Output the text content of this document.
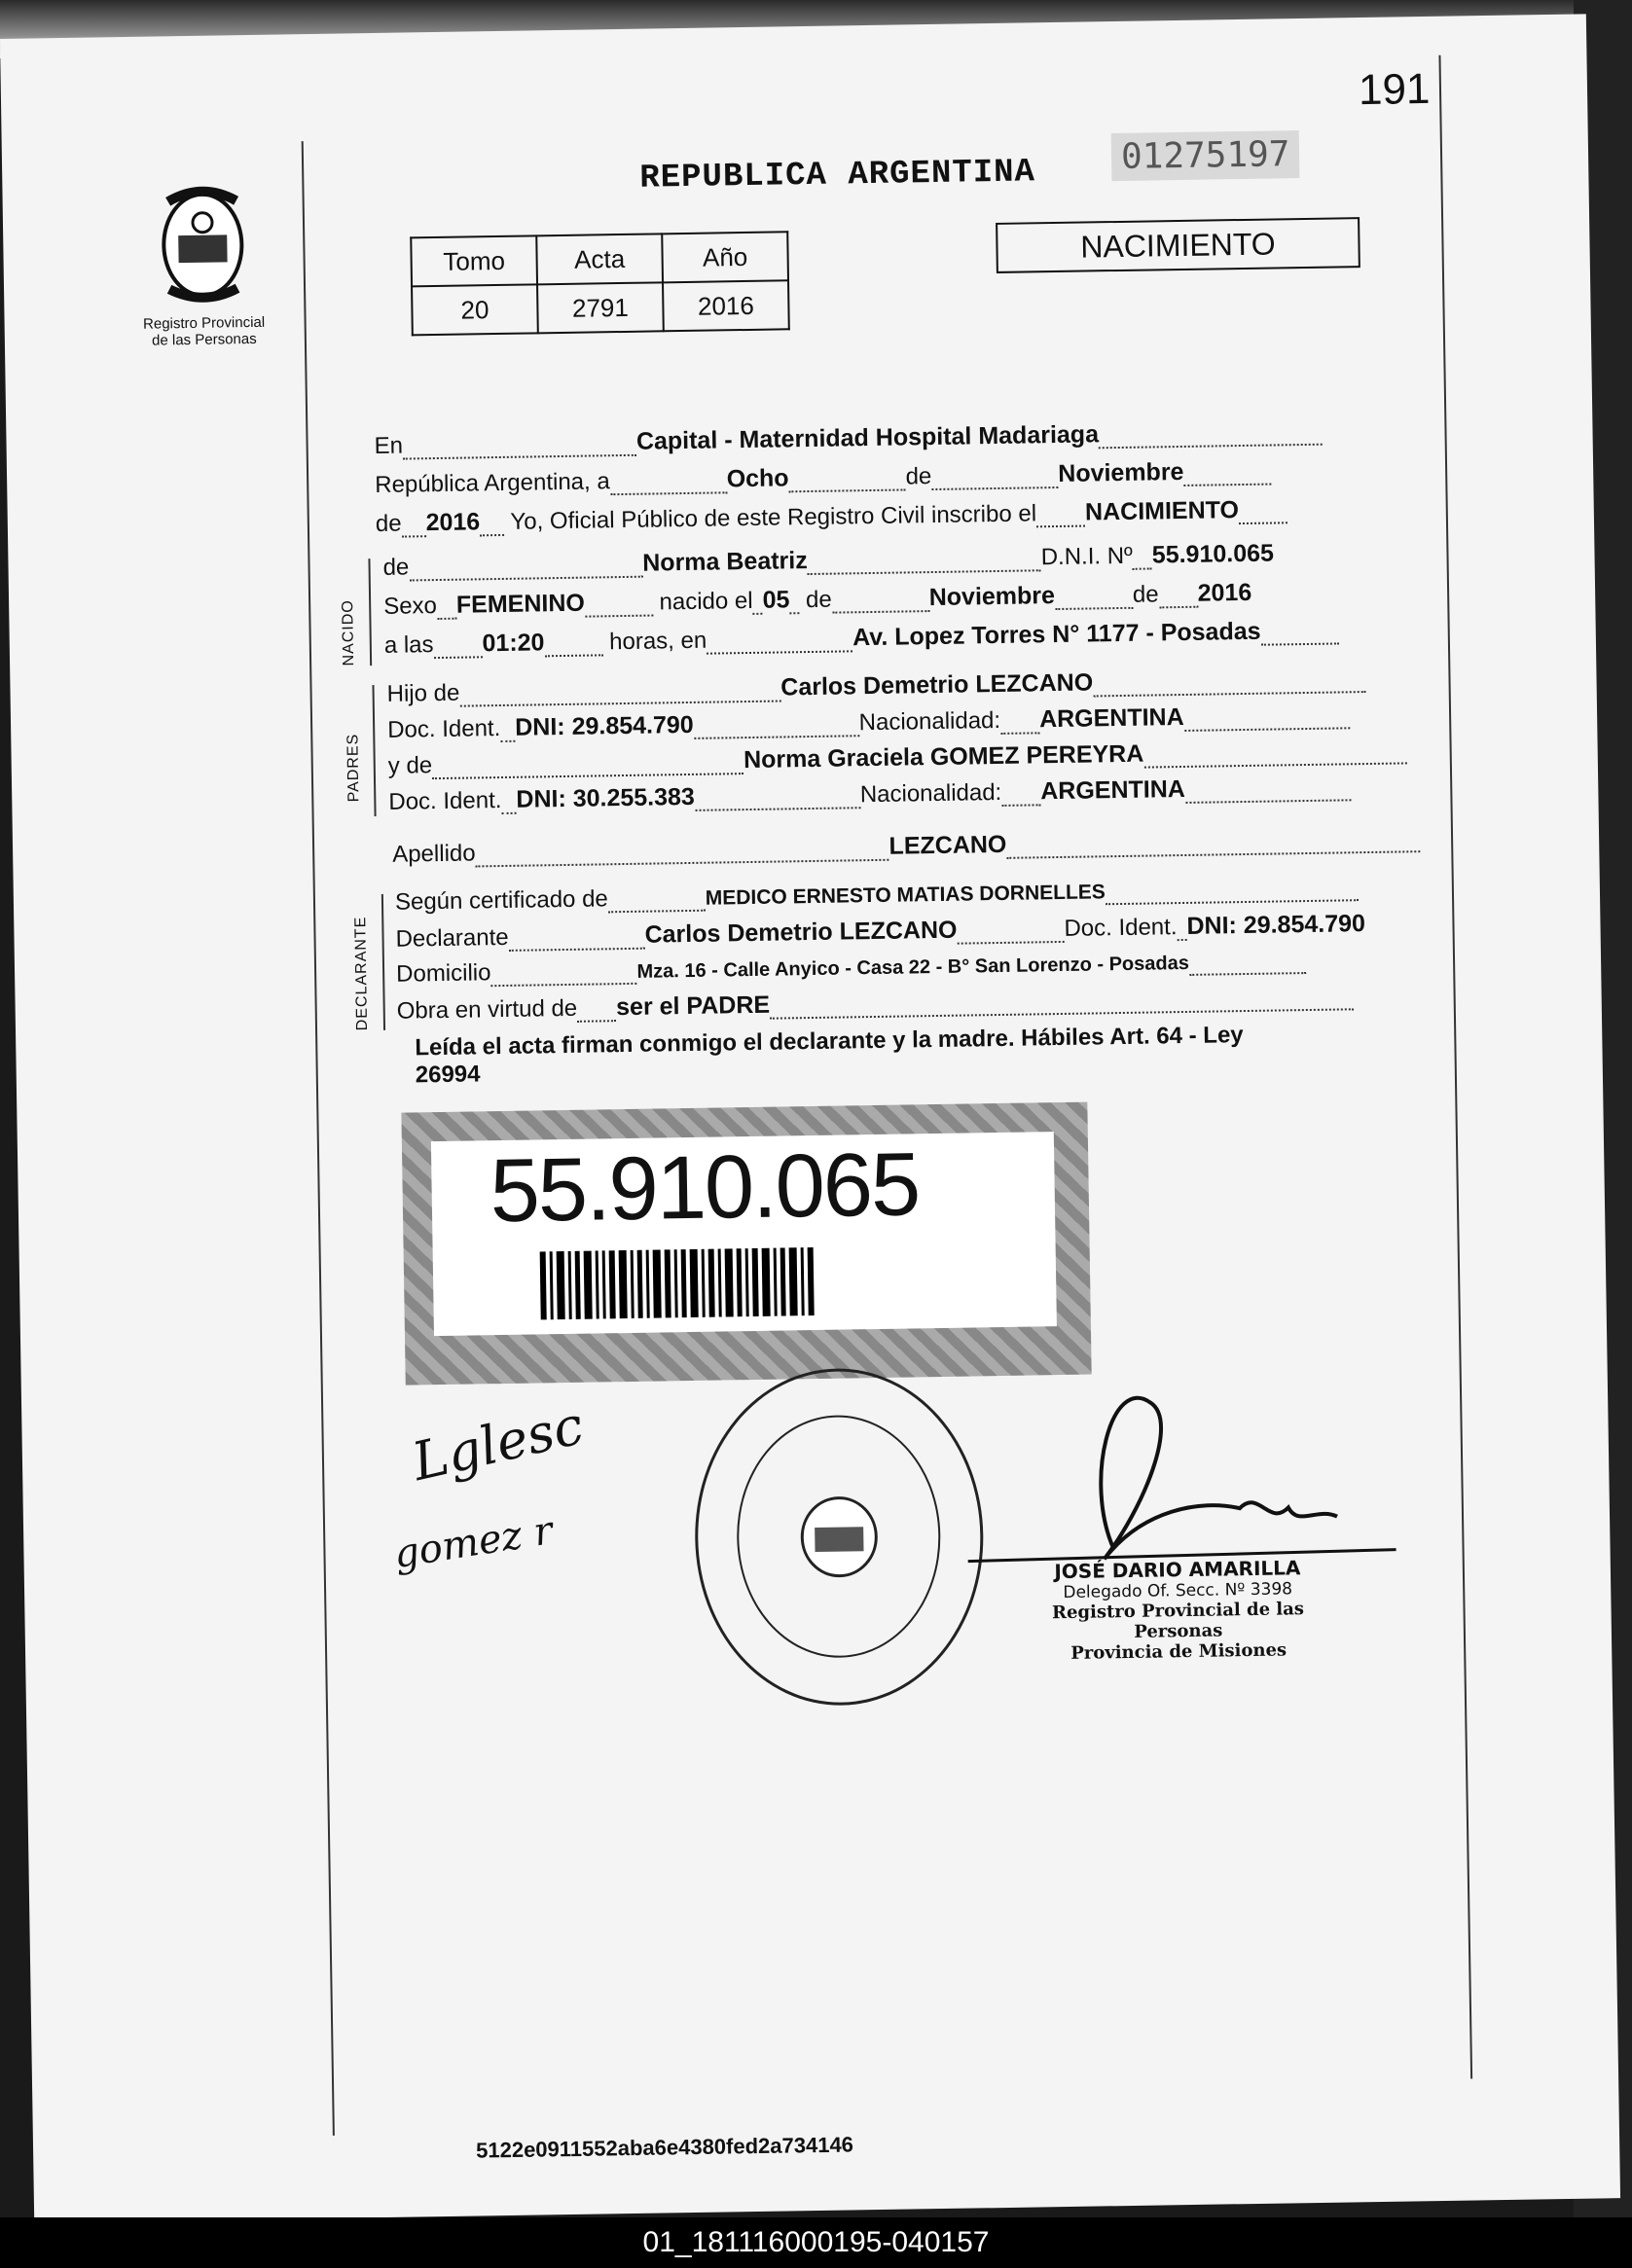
191
Registro Provincial
de las Personas
REPUBLICA ARGENTINA 01275197
Tomo	Acta	Año
20	2791	2016
NACIMIENTO
En	Capital - Maternidad Hospital Madariaga
República Argentina, a	Ocho	de	Noviembre
de 2016 Yo, Oficial Público de este Registro Civil inscribo el NACIMIENTO
NACIDO
de	Norma Beatriz	D.N.I. Nº 55.910.065
Sexo FEMENINO	nacido el 05 de	Noviembre	de 2016
a las 01:20	horas, en	Av. Lopez Torres N° 1177 - Posadas
PADRES
Hijo de	Carlos Demetrio LEZCANO
Doc. Ident. DNI: 29.854.790	Nacionalidad: ARGENTINA
y de	Norma Graciela GOMEZ PEREYRA
Doc. Ident. DNI: 30.255.383	Nacionalidad: ARGENTINA
Apellido	LEZCANO
DECLARANTE
Según certificado de	MEDICO ERNESTO MATIAS DORNELLES
Declarante	Carlos Demetrio LEZCANO	Doc. Ident. DNI: 29.854.790
Domicilio	Mza. 16 - Calle Anyico - Casa 22 - B° San Lorenzo - Posadas
Obra en virtud de ser el PADRE
Leída el acta firman conmigo el declarante y la madre. Hábiles Art. 64 - Ley
26994
55.910.065
Lglesc
gomez r	JOSÉ DARIO AMARILLA
Delegado Of. Secc. Nº 3398
Registro Provincial de las Personas
Provincia de Misiones
5122e0911552aba6e4380fed2a734146
01_181116000195-040157
